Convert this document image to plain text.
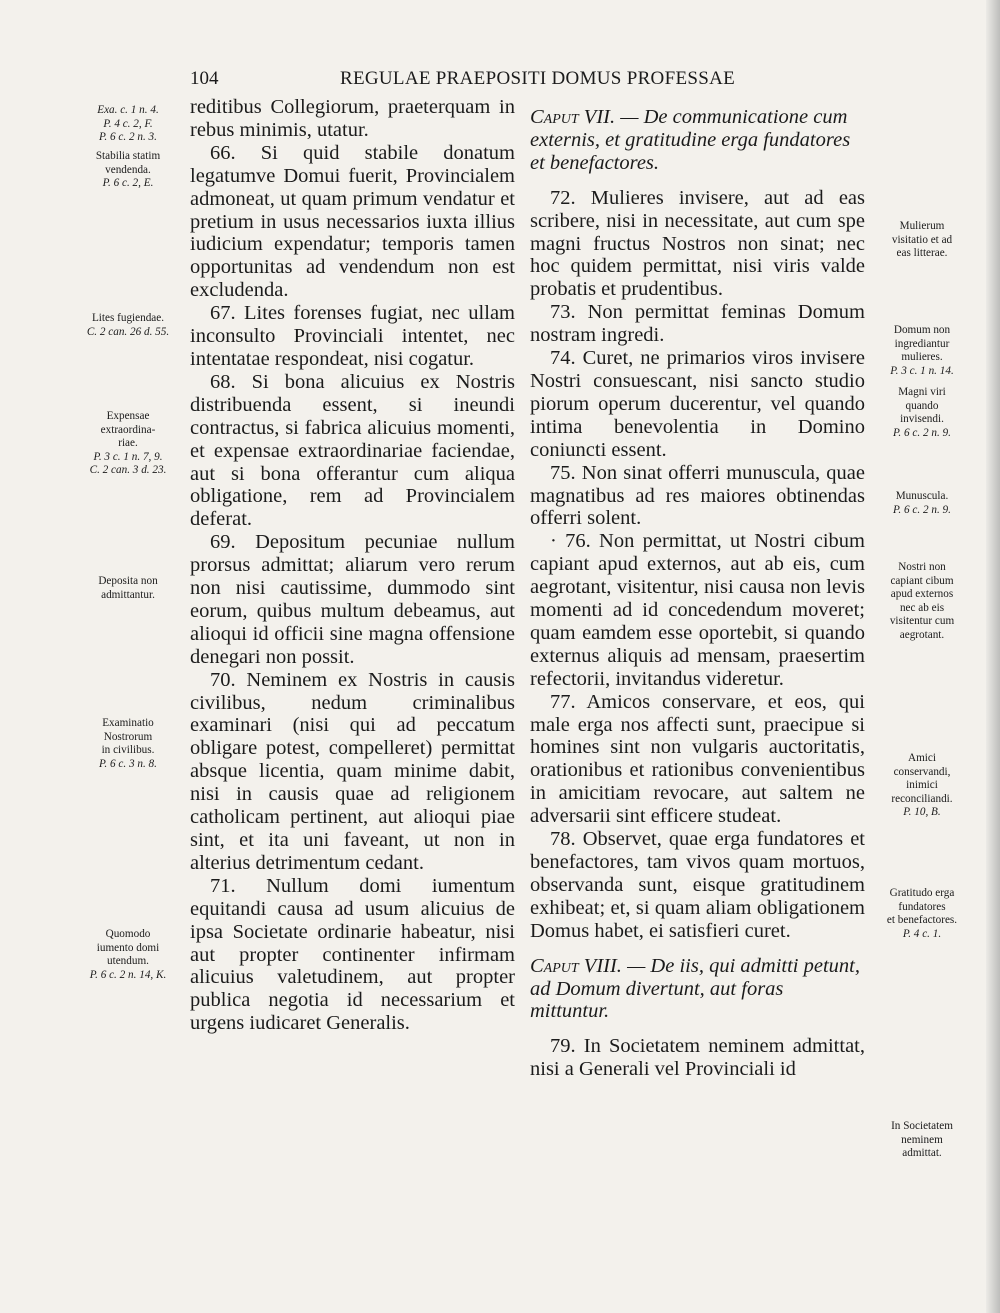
104	REGULAE PRAEPOSITI DOMUS PROFESSAE
Exa. c. 1 n. 4.
P. 4 c. 2, F.
P. 6 c. 2 n. 3.
Stabilia statim
vendenda.
P. 6 c. 2, E.
Lites fugiendae.
C. 2 can. 26 d. 55.
Expensae
extraordina-
riae.
P. 3 c. 1 n. 7, 9.
C. 2 can. 3 d. 23.
Deposita non
admittantur.
Examinatio
Nostrorum
in civilibus.
P. 6 c. 3 n. 8.
Quomodo
iumento domi
utendum.
P. 6 c. 2 n. 14, K.
Mulierum
visitatio et ad
eas litterae.
Domum non
ingrediantur
mulieres.
P. 3 c. 1 n. 14.
Magni viri
quando
invisendi.
P. 6 c. 2 n. 9.
Munuscula.
P. 6 c. 2 n. 9.
Nostri non
capiant cibum
apud externos
nec ab eis
visitentur cum
aegrotant.
Amici
conservandi,
inimici
reconciliandi.
P. 10, B.
Gratitudo erga
fundatores
et benefactores.
P. 4 c. 1.
In Societatem
neminem
admittat.

reditibus Collegiorum, praeterquam in rebus minimis, utatur.

66. Si quid stabile donatum legatumve Domui fuerit, Provincialem admoneat, ut quam primum vendatur et pretium in usus necessarios iuxta illius iudicium expendatur; temporis tamen opportunitas ad vendendum non est excludenda.

67. Lites forenses fugiat, nec ullam inconsulto Provinciali intentet, nec intentatae respondeat, nisi cogatur.

68. Si bona alicuius ex Nostris distribuenda essent, si ineundi contractus, si fabrica alicuius momenti, et expensae extraordinariae faciendae, aut si bona offerantur cum aliqua obligatione, rem ad Provincialem deferat.

69. Depositum pecuniae nullum prorsus admittat; aliarum vero rerum non nisi cautissime, dummodo sint eorum, quibus multum debeamus, aut alioqui id officii sine magna offensione denegari non possit.

70. Neminem ex Nostris in causis civilibus, nedum criminalibus examinari (nisi qui ad peccatum obligare potest, compelleret) permittat absque licentia, quam minime dabit, nisi in causis quae ad religionem catholicam pertinent, aut alioqui piae sint, et ita uni faveant, ut non in alterius detrimentum cedant.

71. Nullum domi iumentum equitandi causa ad usum alicuius de ipsa Societate ordinarie habeatur, nisi aut propter continenter infirmam alicuius valetudinem, aut propter publica negotia id necessarium et urgens iudicaret Generalis.

Caput VII. — De communicatione cum externis, et gratitudine erga fundatores et benefactores.

72. Mulieres invisere, aut ad eas scribere, nisi in necessitate, aut cum spe magni fructus Nostros non sinat; nec hoc quidem permittat, nisi viris valde probatis et prudentibus.

73. Non permittat feminas Domum nostram ingredi.

74. Curet, ne primarios viros invisere Nostri consuescant, nisi sancto studio piorum operum ducerentur, vel quando intima benevolentia in Domino coniuncti essent.

75. Non sinat offerri munuscula, quae magnatibus ad res maiores obtinendas offerri solent.

· 76. Non permittat, ut Nostri cibum capiant apud externos, aut ab eis, cum aegrotant, visitentur, nisi causa non levis momenti ad id concedendum moveret; quam eamdem esse oportebit, si quando externus aliquis ad mensam, praesertim refectorii, invitandus videretur.

77. Amicos conservare, et eos, qui male erga nos affecti sunt, praecipue si homines sint non vulgaris auctoritatis, orationibus et rationibus convenientibus in amicitiam revocare, aut saltem ne adversarii sint efficere studeat.

78. Observet, quae erga fundatores et benefactores, tam vivos quam mortuos, observanda sunt, eisque gratitudinem exhibeat; et, si quam aliam obligationem Domus habet, ei satisfieri curet.

Caput VIII. — De iis, qui admitti petunt, ad Domum divertunt, aut foras mittuntur.

79. In Societatem neminem admittat, nisi a Generali vel Provinciali id
